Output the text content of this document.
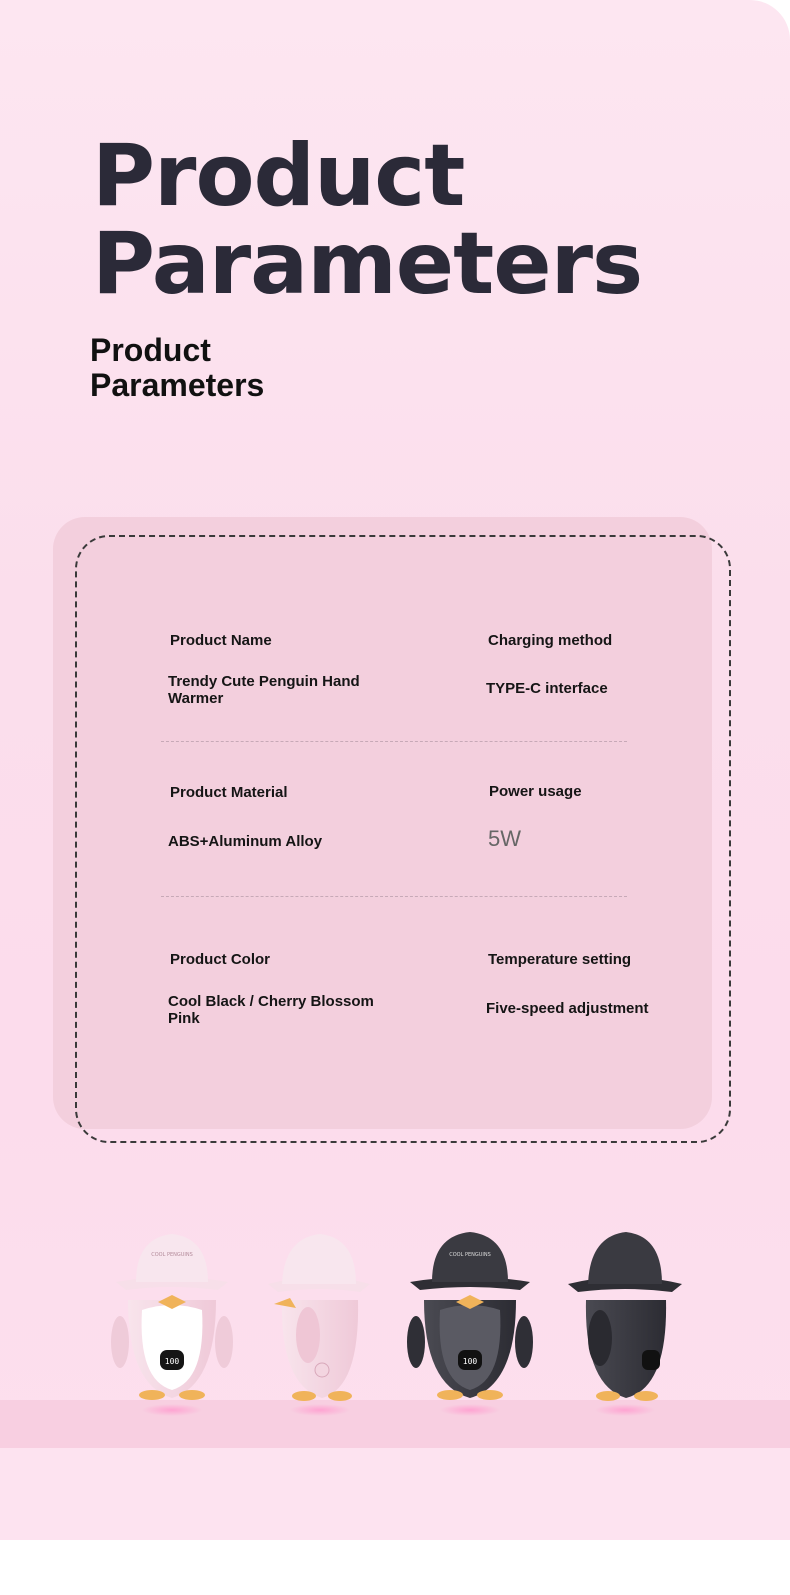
Product
Parameters
Product
Parameters
Product Name
Trendy Cute Penguin Hand Warmer
Charging method
TYPE-C interface
Product Material
ABS+Aluminum Alloy
Power usage
5W
Product Color
Cool Black / Cherry Blossom Pink
Temperature setting
Five-speed adjustment
100
COOL PENGUINS
100
COOL PENGUINS
